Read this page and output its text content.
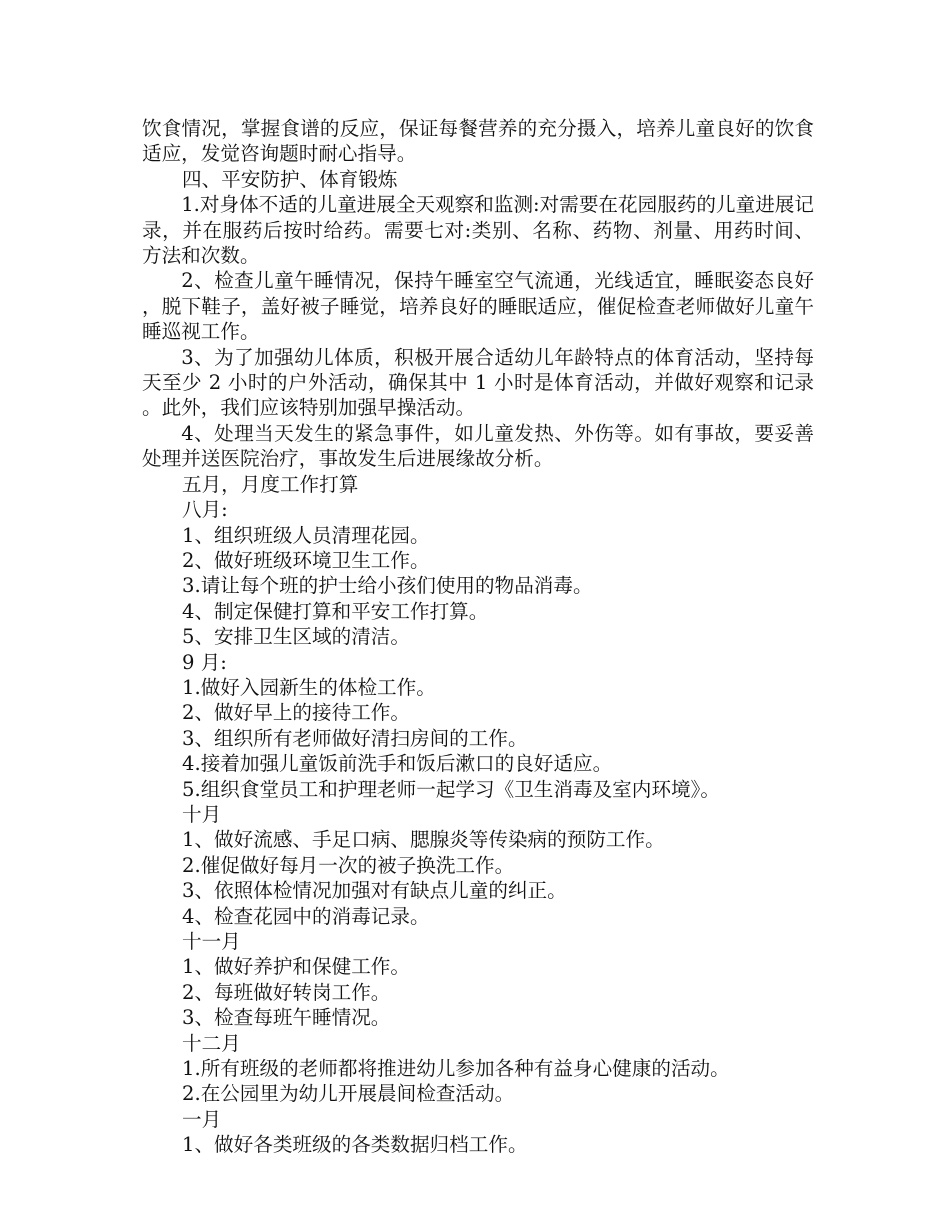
饮食情况，掌握食谱的反应，保证每餐营养的充分摄入，培养儿童良好的饮食适应，发觉咨询题时耐心指导。

四、平安防护、体育锻炼

1.对身体不适的儿童进展全天观察和监测:对需要在花园服药的儿童进展记录，并在服药后按时给药。需要七对:类别、名称、药物、剂量、用药时间、方法和次数。

2、检查儿童午睡情况，保持午睡室空气流通，光线适宜，睡眠姿态良好，脱下鞋子，盖好被子睡觉，培养良好的睡眠适应，催促检查老师做好儿童午睡巡视工作。

3、为了加强幼儿体质，积极开展合适幼儿年龄特点的体育活动，坚持每天至少 2 小时的户外活动，确保其中 1 小时是体育活动，并做好观察和记录。此外，我们应该特别加强早操活动。

4、处理当天发生的紧急事件，如儿童发热、外伤等。如有事故，要妥善处理并送医院治疗，事故发生后进展缘故分析。

五月，月度工作打算

八月:

1、组织班级人员清理花园。

2、做好班级环境卫生工作。

3.请让每个班的护士给小孩们使用的物品消毒。

4、制定保健打算和平安工作打算。

5、安排卫生区域的清洁。

9 月:

1.做好入园新生的体检工作。

2、做好早上的接待工作。

3、组织所有老师做好清扫房间的工作。

4.接着加强儿童饭前洗手和饭后漱口的良好适应。

5.组织食堂员工和护理老师一起学习《卫生消毒及室内环境》。

十月

1、做好流感、手足口病、腮腺炎等传染病的预防工作。

2.催促做好每月一次的被子换洗工作。

3、依照体检情况加强对有缺点儿童的纠正。

4、检查花园中的消毒记录。

十一月

1、做好养护和保健工作。

2、每班做好转岗工作。

3、检查每班午睡情况。

十二月

1.所有班级的老师都将推进幼儿参加各种有益身心健康的活动。

2.在公园里为幼儿开展晨间检查活动。

一月

1、做好各类班级的各类数据归档工作。
